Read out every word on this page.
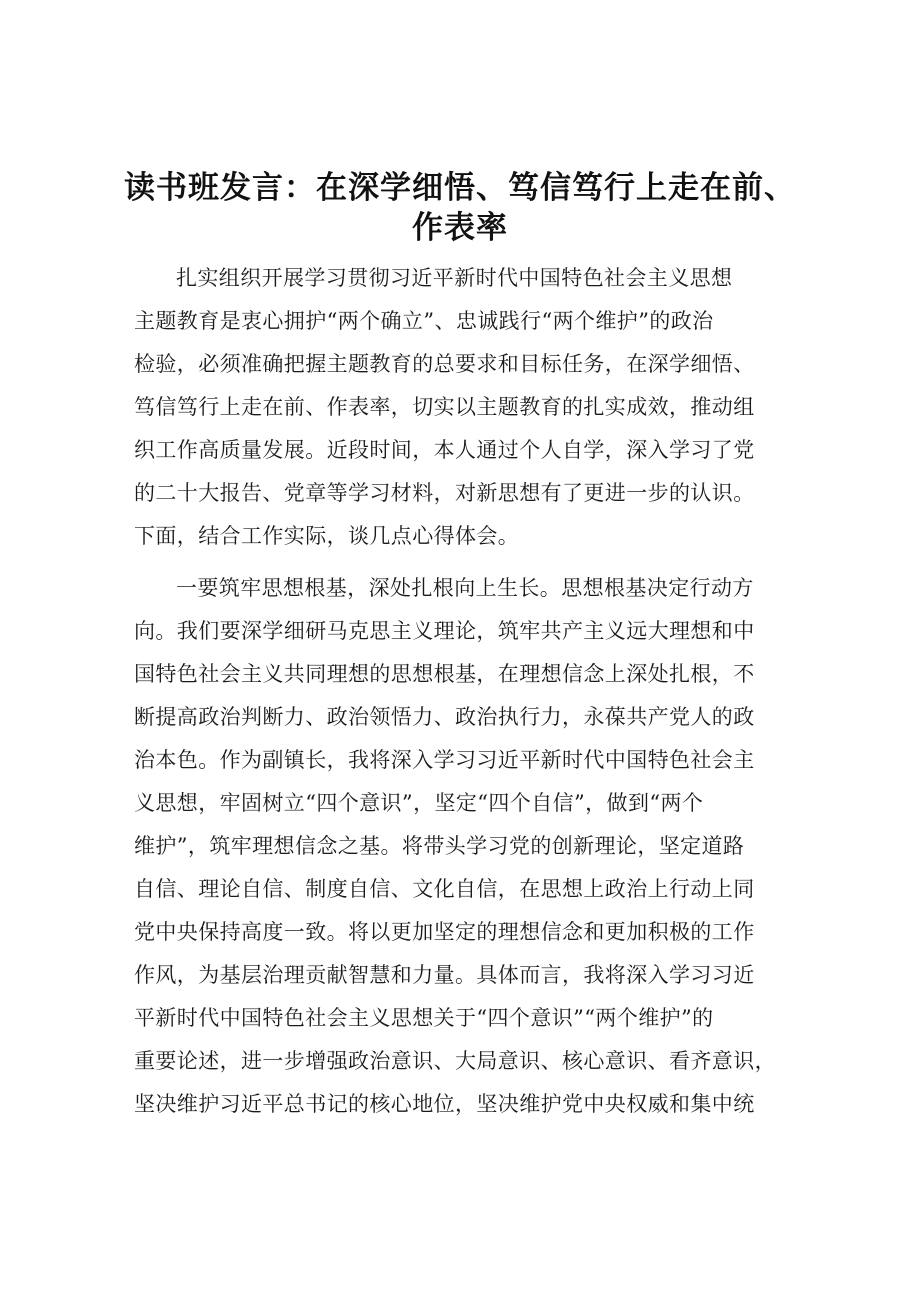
读书班发言：在深学细悟、笃信笃行上走在前、
作表率
扎实组织开展学习贯彻习近平新时代中国特色社会主义思想
主题教育是衷心拥护“两个确立”、忠诚践行“两个维护”的政治
检验，必须准确把握主题教育的总要求和目标任务，在深学细悟、
笃信笃行上走在前、作表率，切实以主题教育的扎实成效，推动组
织工作高质量发展。近段时间，本人通过个人自学，深入学习了党
的二十大报告、党章等学习材料，对新思想有了更进一步的认识。
下面，结合工作实际，谈几点心得体会。
一要筑牢思想根基，深处扎根向上生长。思想根基决定行动方
向。我们要深学细研马克思主义理论，筑牢共产主义远大理想和中
国特色社会主义共同理想的思想根基，在理想信念上深处扎根，不
断提高政治判断力、政治领悟力、政治执行力，永葆共产党人的政
治本色。作为副镇长，我将深入学习习近平新时代中国特色社会主
义思想，牢固树立“四个意识”，坚定“四个自信”，做到“两个
维护”，筑牢理想信念之基。将带头学习党的创新理论，坚定道路
自信、理论自信、制度自信、文化自信，在思想上政治上行动上同
党中央保持高度一致。将以更加坚定的理想信念和更加积极的工作
作风，为基层治理贡献智慧和力量。具体而言，我将深入学习习近
平新时代中国特色社会主义思想关于“四个意识”“两个维护”的
重要论述，进一步增强政治意识、大局意识、核心意识、看齐意识，
坚决维护习近平总书记的核心地位，坚决维护党中央权威和集中统
